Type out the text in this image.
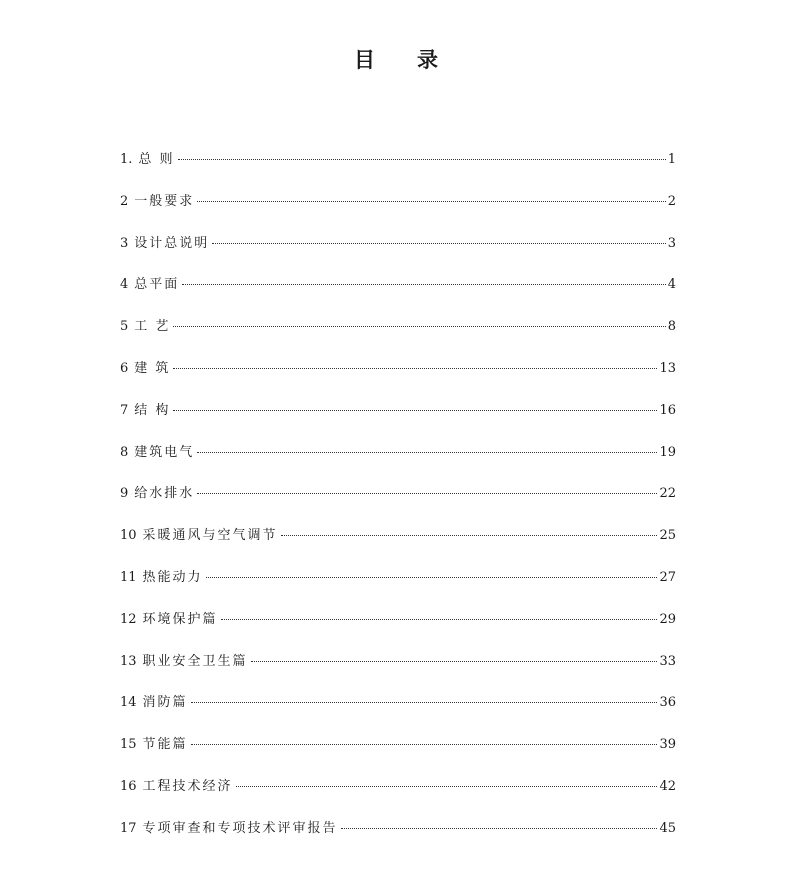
目 录
1. 总 则	1
2 一般要求	2
3 设计总说明	3
4 总平面	4
5 工 艺	8
6 建 筑	13
7 结 构	16
8 建筑电气	19
9 给水排水	22
10 采暖通风与空气调节	25
11 热能动力	27
12 环境保护篇	29
13 职业安全卫生篇	33
14 消防篇	36
15 节能篇	39
16 工程技术经济	42
17 专项审查和专项技术评审报告	45
